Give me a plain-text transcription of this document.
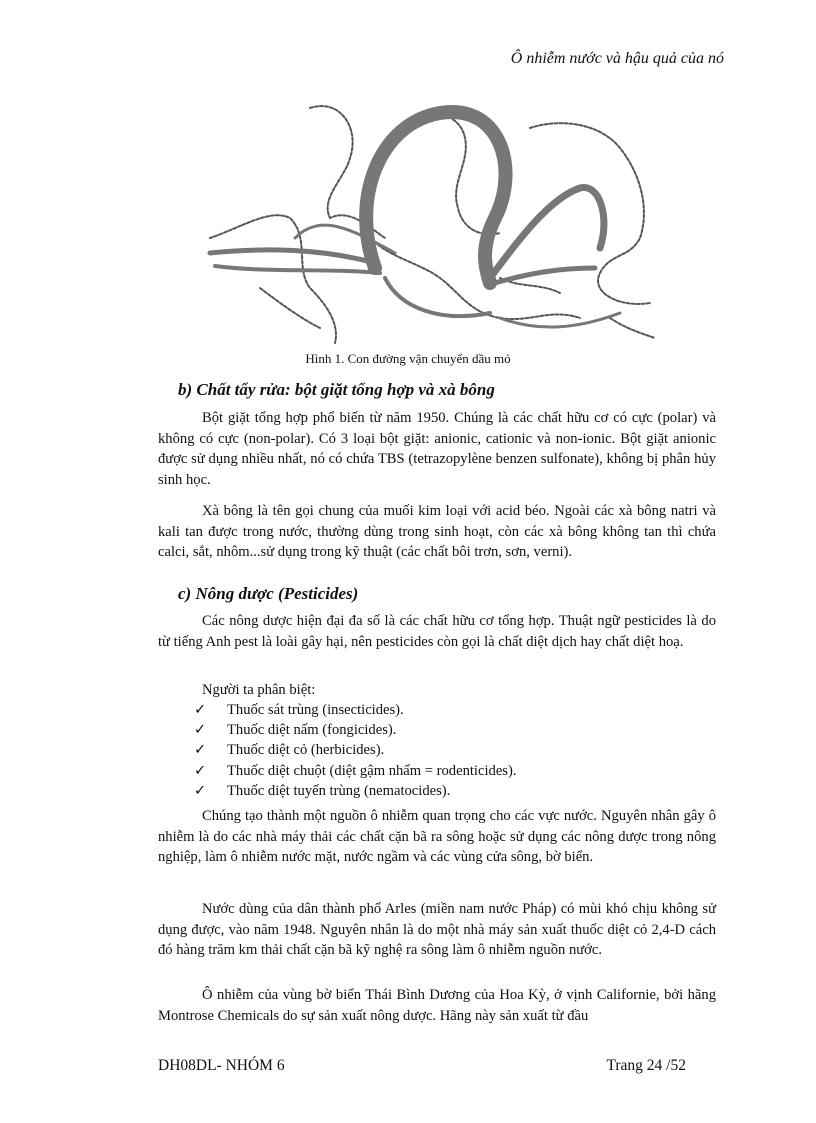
Ô nhiễm nước và hậu quả của nó
Hình 1. Con đường vận chuyển dầu mỏ
b) Chất tẩy rửa: bột giặt tổng hợp và xà bông

Bột giặt tổng hợp phổ biến từ năm 1950. Chúng là các chất hữu cơ có cực (polar) và không có cực (non-polar). Có 3 loại bột giặt: anionic, cationic và non-ionic. Bột giặt anionic được sử dụng nhiều nhất, nó có chứa TBS (tetrazopylène benzen sulfonate), không bị phân hủy sinh học.

Xà bông là tên gọi chung của muối kim loại với acid béo. Ngoài các xà bông natri và kali tan được trong nước, thường dùng trong sinh hoạt, còn các xà bông không tan thì chứa calci, sắt, nhôm...sử dụng trong kỹ thuật (các chất bôi trơn, sơn, verni).

c) Nông dược (Pesticides)

Các nông dược hiện đại đa số là các chất hữu cơ tổng hợp. Thuật ngữ pesticides là do từ tiếng Anh pest là loài gây hại, nên pesticides còn gọi là chất diệt dịch hay chất diệt hoạ.

Người ta phân biệt:
✓	Thuốc sát trùng (insecticides).
✓	Thuốc diệt nấm (fongicides).
✓	Thuốc diệt cỏ (herbicides).
✓	Thuốc diệt chuột (diệt gậm nhấm = rodenticides).
✓	Thuốc diệt tuyến trùng (nematocides).

Chúng tạo thành một nguồn ô nhiễm quan trọng cho các vực nước. Nguyên nhân gây ô nhiễm là do các nhà máy thải các chất cặn bã ra sông hoặc sử dụng các nông dược trong nông nghiệp, làm ô nhiễm nước mặt, nước ngầm và các vùng cửa sông, bờ biển.

Nước dùng của dân thành phố Arles (miền nam nước Pháp) có mùi khó chịu không sử dụng được, vào năm 1948. Nguyên nhân là do một nhà máy sản xuất thuốc diệt cỏ 2,4-D cách đó hàng trăm km thải chất cặn bã kỹ nghệ ra sông làm ô nhiễm nguồn nước.

Ô nhiễm của vùng bờ biển Thái Bình Dương của Hoa Kỳ, ở vịnh Californie, bởi hãng Montrose Chemicals do sự sản xuất nông dược. Hãng này sản xuất từ đầu

DH08DL- NHÓM 6	Trang 24 /52
